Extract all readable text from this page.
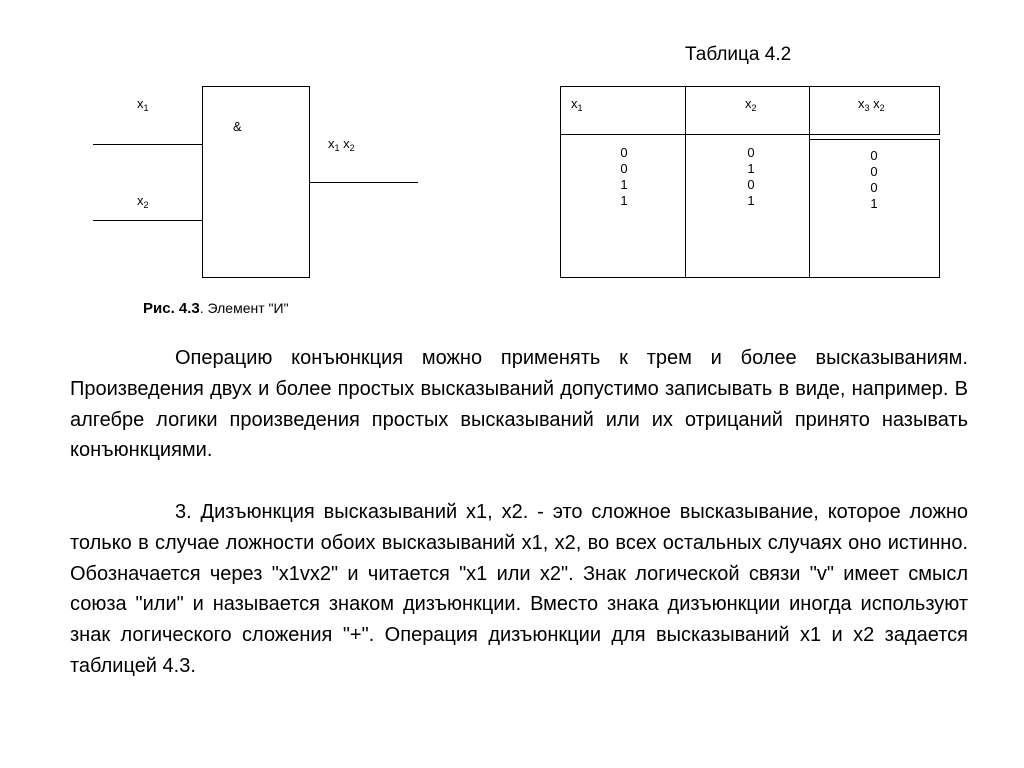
$x_1$
$x_2$
&
$x_1$ $x_2$
Рис. 4.3. Элемент "И"
Таблица 4.2
$x_1$	$x_2$	$x_3$ $x_2$
0
0
1
1
0
1
0
1
0
0
0
1

Операцию конъюнкция можно применять к трем и более высказываниям. Произведения двух и более простых высказываний допустимо записывать в виде, например. В алгебре логики произведения простых высказываний или их отрицаний принято называть конъюнкциями.

3. Дизъюнкция высказываний х1, х2. - это сложное высказывание, которое ложно только в случае ложности обоих высказываний х1, х2, во всех остальных случаях оно истинно. Обозначается через "х1vх2" и читается "х1 или х2". Знак логической связи "v" имеет смысл союза "или" и называется знаком дизъюнкции. Вместо знака дизъюнкции иногда используют знак логического сложения "+". Операция дизъюнкции для высказываний х1 и х2 задается таблицей 4.3.
